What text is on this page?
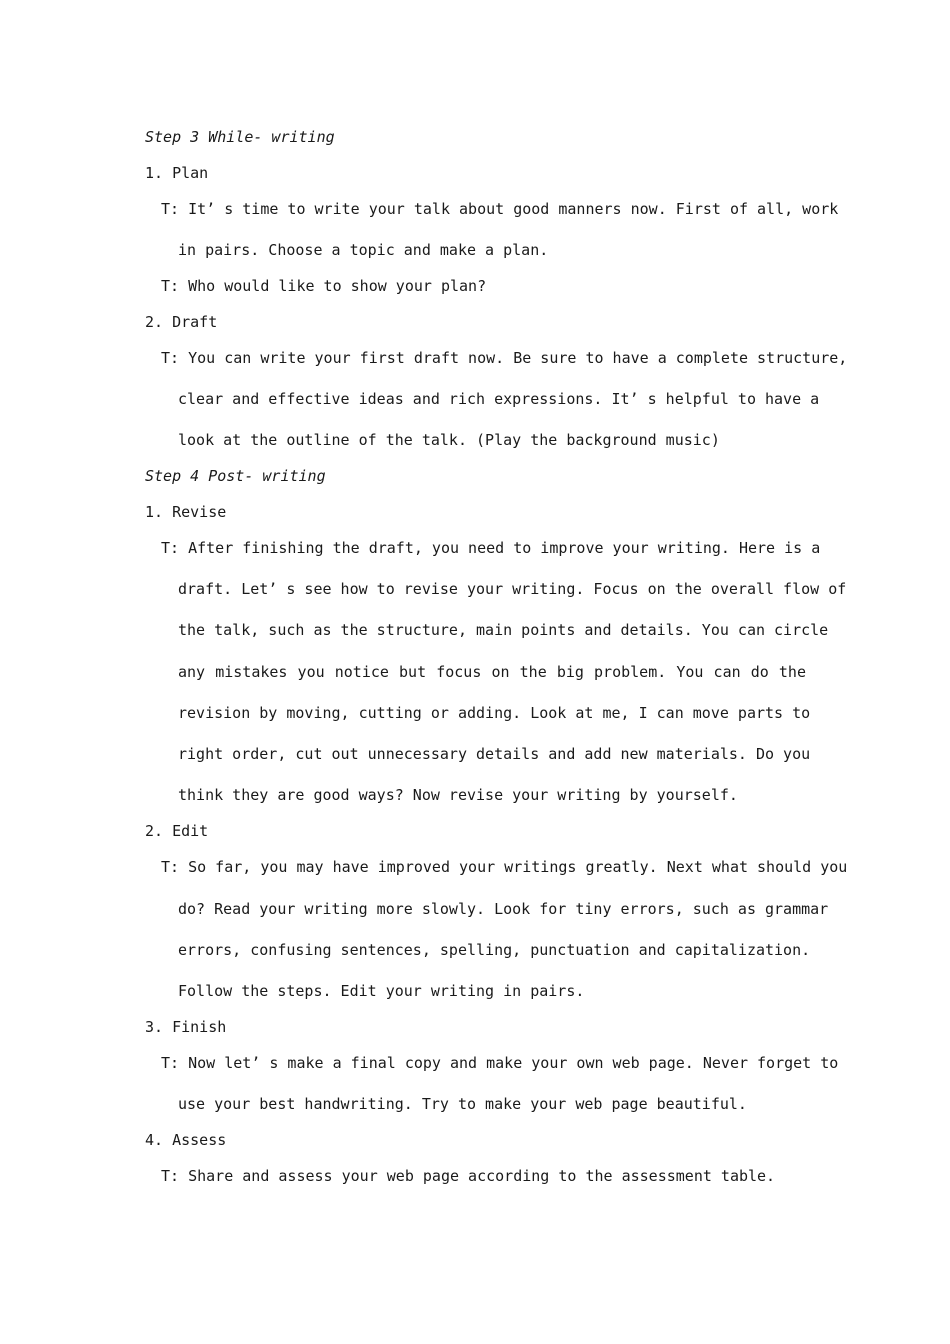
Step 3 While- writing
1. Plan
T: It’ s time to write your talk about good manners now. First of all, work
in pairs. Choose a topic and make a plan.
T: Who would like to show your plan?
2. Draft
T: You can write your first draft now. Be sure to have a complete structure,
clear and effective ideas and rich expressions. It’ s helpful to have a
look at the outline of the talk. (Play the background music)
Step 4 Post- writing
1. Revise
T: After finishing the draft, you need to improve your writing. Here is a
draft. Let’ s see how to revise your writing. Focus on the overall flow of
the talk, such as the structure, main points and details. You can circle
any mistakes you notice but focus on the big problem. You can do the
revision by moving, cutting or adding. Look at me, I can move parts to
right order, cut out unnecessary details and add new materials. Do you
think they are good ways? Now revise your writing by yourself.
2. Edit
T: So far, you may have improved your writings greatly. Next what should you
do? Read your writing more slowly. Look for tiny errors, such as grammar
errors, confusing sentences, spelling, punctuation and capitalization.
Follow the steps. Edit your writing in pairs.
3. Finish
T: Now let’ s make a final copy and make your own web page. Never forget to
use your best handwriting. Try to make your web page beautiful.
4. Assess
T: Share and assess your web page according to the assessment table.
